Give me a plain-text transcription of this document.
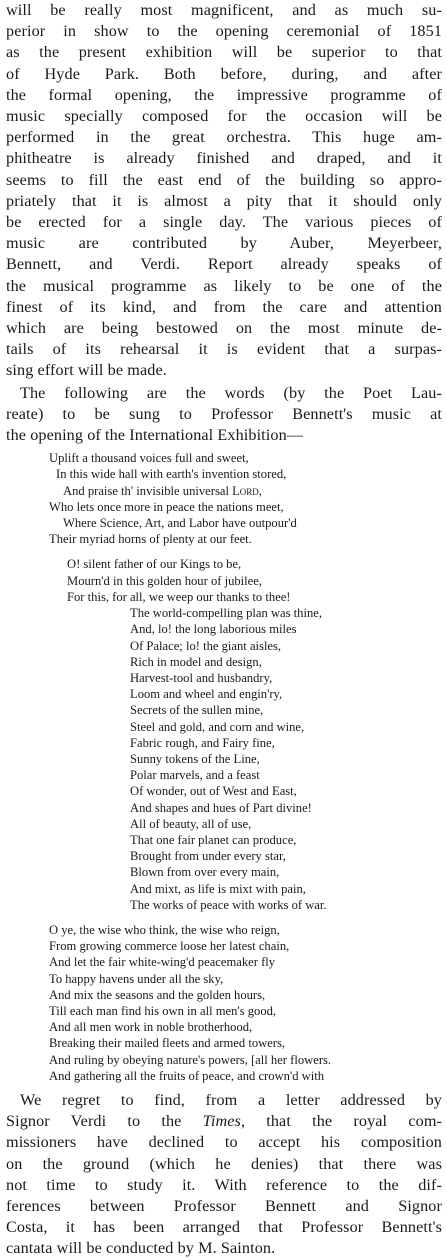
will be really most magnificent, and as much su-
perior in show to the opening ceremonial of 1851
as the present exhibition will be superior to that
of Hyde Park. Both before, during, and after
the formal opening, the impressive programme of
music specially composed for the occasion will be
performed in the great orchestra. This huge am-
phitheatre is already finished and draped, and it
seems to fill the east end of the building so appro-
priately that it is almost a pity that it should only
be erected for a single day. The various pieces of
music are contributed by Auber, Meyerbeer,
Bennett, and Verdi. Report already speaks of
the musical programme as likely to be one of the
finest of its kind, and from the care and attention
which are being bestowed on the most minute de-
tails of its rehearsal it is evident that a surpas-
sing effort will be made.
The following are the words (by the Poet Lau-
reate) to be sung to Professor Bennett's music at
the opening of the International Exhibition—
Uplift a thousand voices full and sweet,
In this wide hall with earth's invention stored,
And praise th' invisible universal Lord,
Who lets once more in peace the nations meet,
Where Science, Art, and Labor have outpour'd
Their myriad horns of plenty at our feet.
O! silent father of our Kings to be,
Mourn'd in this golden hour of jubilee,
For this, for all, we weep our thanks to thee!
The world-compelling plan was thine,
And, lo! the long laborious miles
Of Palace; lo! the giant aisles,
Rich in model and design,
Harvest-tool and husbandry,
Loom and wheel and engin'ry,
Secrets of the sullen mine,
Steel and gold, and corn and wine,
Fabric rough, and Fairy fine,
Sunny tokens of the Line,
Polar marvels, and a feast
Of wonder, out of West and East,
And shapes and hues of Part divine!
All of beauty, all of use,
That one fair planet can produce,
Brought from under every star,
Blown from over every main,
And mixt, as life is mixt with pain,
The works of peace with works of war.
O ye, the wise who think, the wise who reign,
From growing commerce loose her latest chain,
And let the fair white-wing'd peacemaker fly
To happy havens under all the sky,
And mix the seasons and the golden hours,
Till each man find his own in all men's good,
And all men work in noble brotherhood,
Breaking their mailed fleets and armed towers,
And ruling by obeying nature's powers, [all her flowers.
And gathering all the fruits of peace, and crown'd with
We regret to find, from a letter addressed by
Signor Verdi to the Times, that the royal com-
missioners have declined to accept his composition
on the ground (which he denies) that there was
not time to study it. With reference to the dif-
ferences between Professor Bennett and Signor
Costa, it has been arranged that Professor Bennett's
cantata will be conducted by M. Sainton.
